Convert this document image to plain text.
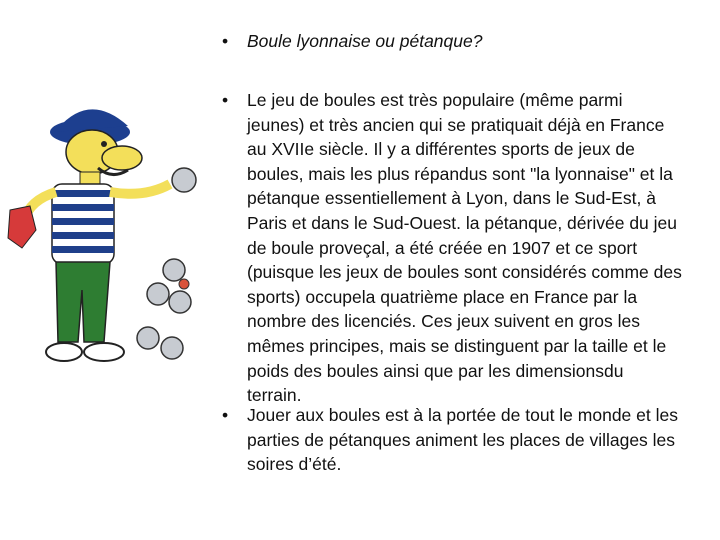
•	Boule lyonnaise ou pétanque?
•	Le jeu de boules est très populaire (même parmi jeunes) et très ancien qui se pratiquait déjà en France au XVIIe siècle. Il y a différentes sports de jeux de boules, mais les plus répandus sont "la lyonnaise" et la pétanque essentiellement à Lyon, dans le Sud-Est, à Paris et dans le Sud-Ouest. la pétanque, dérivée du jeu de boule proveçal, a été créée en 1907 et ce sport (puisque les jeux de boules sont considérés comme des sports) occupela quatrième place en France par la nombre des licenciés. Ces jeux suivent en gros les mêmes principes, mais se distinguent par la taille et le poids des boules ainsi que par les dimensionsdu terrain.
•	Jouer aux boules est à la portée de tout le monde et les parties de pétanques animent les places de villages les soires d’été.
